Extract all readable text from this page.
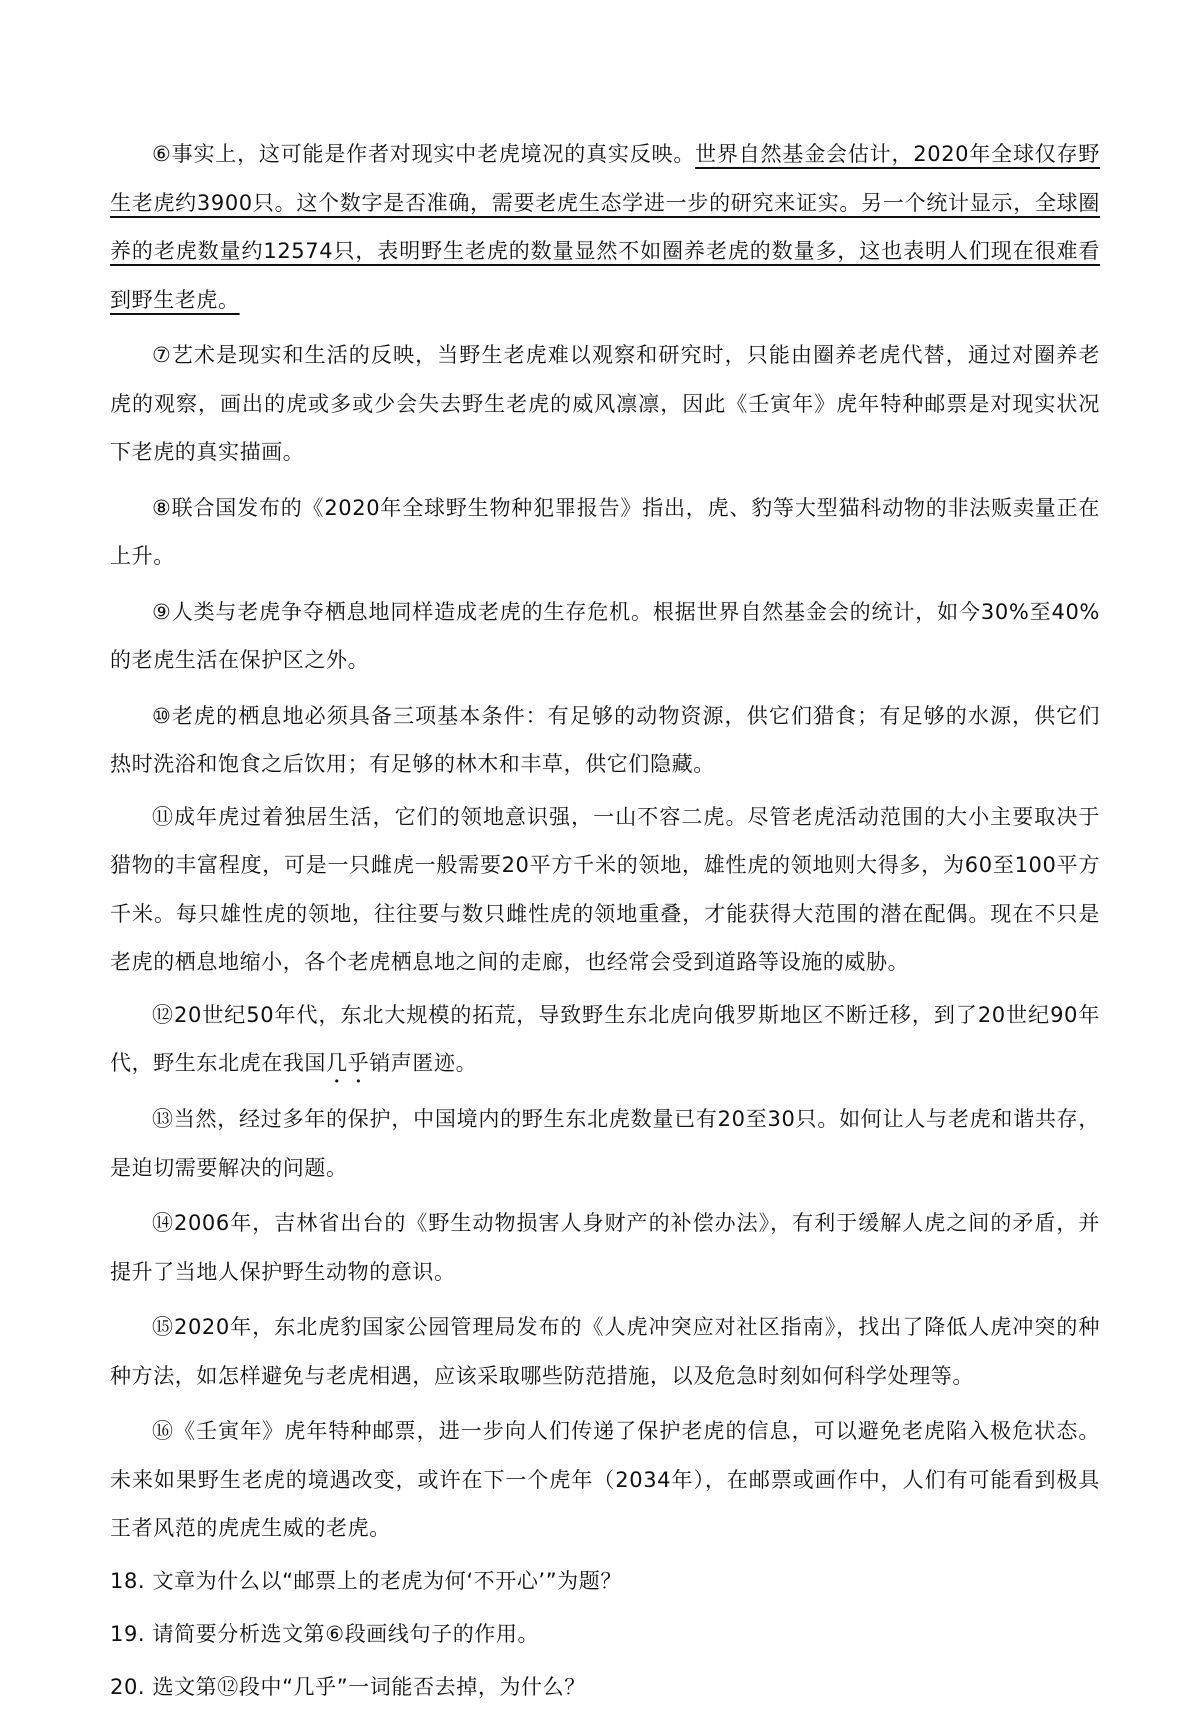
⑥事实上，这可能是作者对现实中老虎境况的真实反映。世界自然基金会估计，2020年全球仅存野生老虎约3900只。这个数字是否准确，需要老虎生态学进一步的研究来证实。另一个统计显示，全球圈养的老虎数量约12574只，表明野生老虎的数量显然不如圈养老虎的数量多，这也表明人们现在很难看到野生老虎。

⑦艺术是现实和生活的反映，当野生老虎难以观察和研究时，只能由圈养老虎代替，通过对圈养老虎的观察，画出的虎或多或少会失去野生老虎的威风凛凛，因此《壬寅年》虎年特种邮票是对现实状况下老虎的真实描画。

⑧联合国发布的《2020年全球野生物种犯罪报告》指出，虎、豹等大型猫科动物的非法贩卖量正在上升。

⑨人类与老虎争夺栖息地同样造成老虎的生存危机。根据世界自然基金会的统计，如今30%至40%的老虎生活在保护区之外。

⑩老虎的栖息地必须具备三项基本条件：有足够的动物资源，供它们猎食；有足够的水源，供它们热时洗浴和饱食之后饮用；有足够的林木和丰草，供它们隐藏。

⑪成年虎过着独居生活，它们的领地意识强，一山不容二虎。尽管老虎活动范围的大小主要取决于猎物的丰富程度，可是一只雌虎一般需要20平方千米的领地，雄性虎的领地则大得多，为60至100平方千米。每只雄性虎的领地，往往要与数只雌性虎的领地重叠，才能获得大范围的潜在配偶。现在不只是老虎的栖息地缩小，各个老虎栖息地之间的走廊，也经常会受到道路等设施的威胁。

⑫20世纪50年代，东北大规模的拓荒，导致野生东北虎向俄罗斯地区不断迁移，到了20世纪90年代，野生东北虎在我国几乎销声匿迹。

⑬当然，经过多年的保护，中国境内的野生东北虎数量已有20至30只。如何让人与老虎和谐共存，是迫切需要解决的问题。

⑭2006年，吉林省出台的《野生动物损害人身财产的补偿办法》，有利于缓解人虎之间的矛盾，并提升了当地人保护野生动物的意识。

⑮2020年，东北虎豹国家公园管理局发布的《人虎冲突应对社区指南》，找出了降低人虎冲突的种种方法，如怎样避免与老虎相遇，应该采取哪些防范措施，以及危急时刻如何科学处理等。

⑯《壬寅年》虎年特种邮票，进一步向人们传递了保护老虎的信息，可以避免老虎陷入极危状态。未来如果野生老虎的境遇改变，或许在下一个虎年（2034年），在邮票或画作中，人们有可能看到极具王者风范的虎虎生威的老虎。

18. 文章为什么以“邮票上的老虎为何‘不开心’”为题？

19. 请简要分析选文第⑥段画线句子的作用。

20. 选文第⑫段中“几乎”一词能否去掉，为什么？
